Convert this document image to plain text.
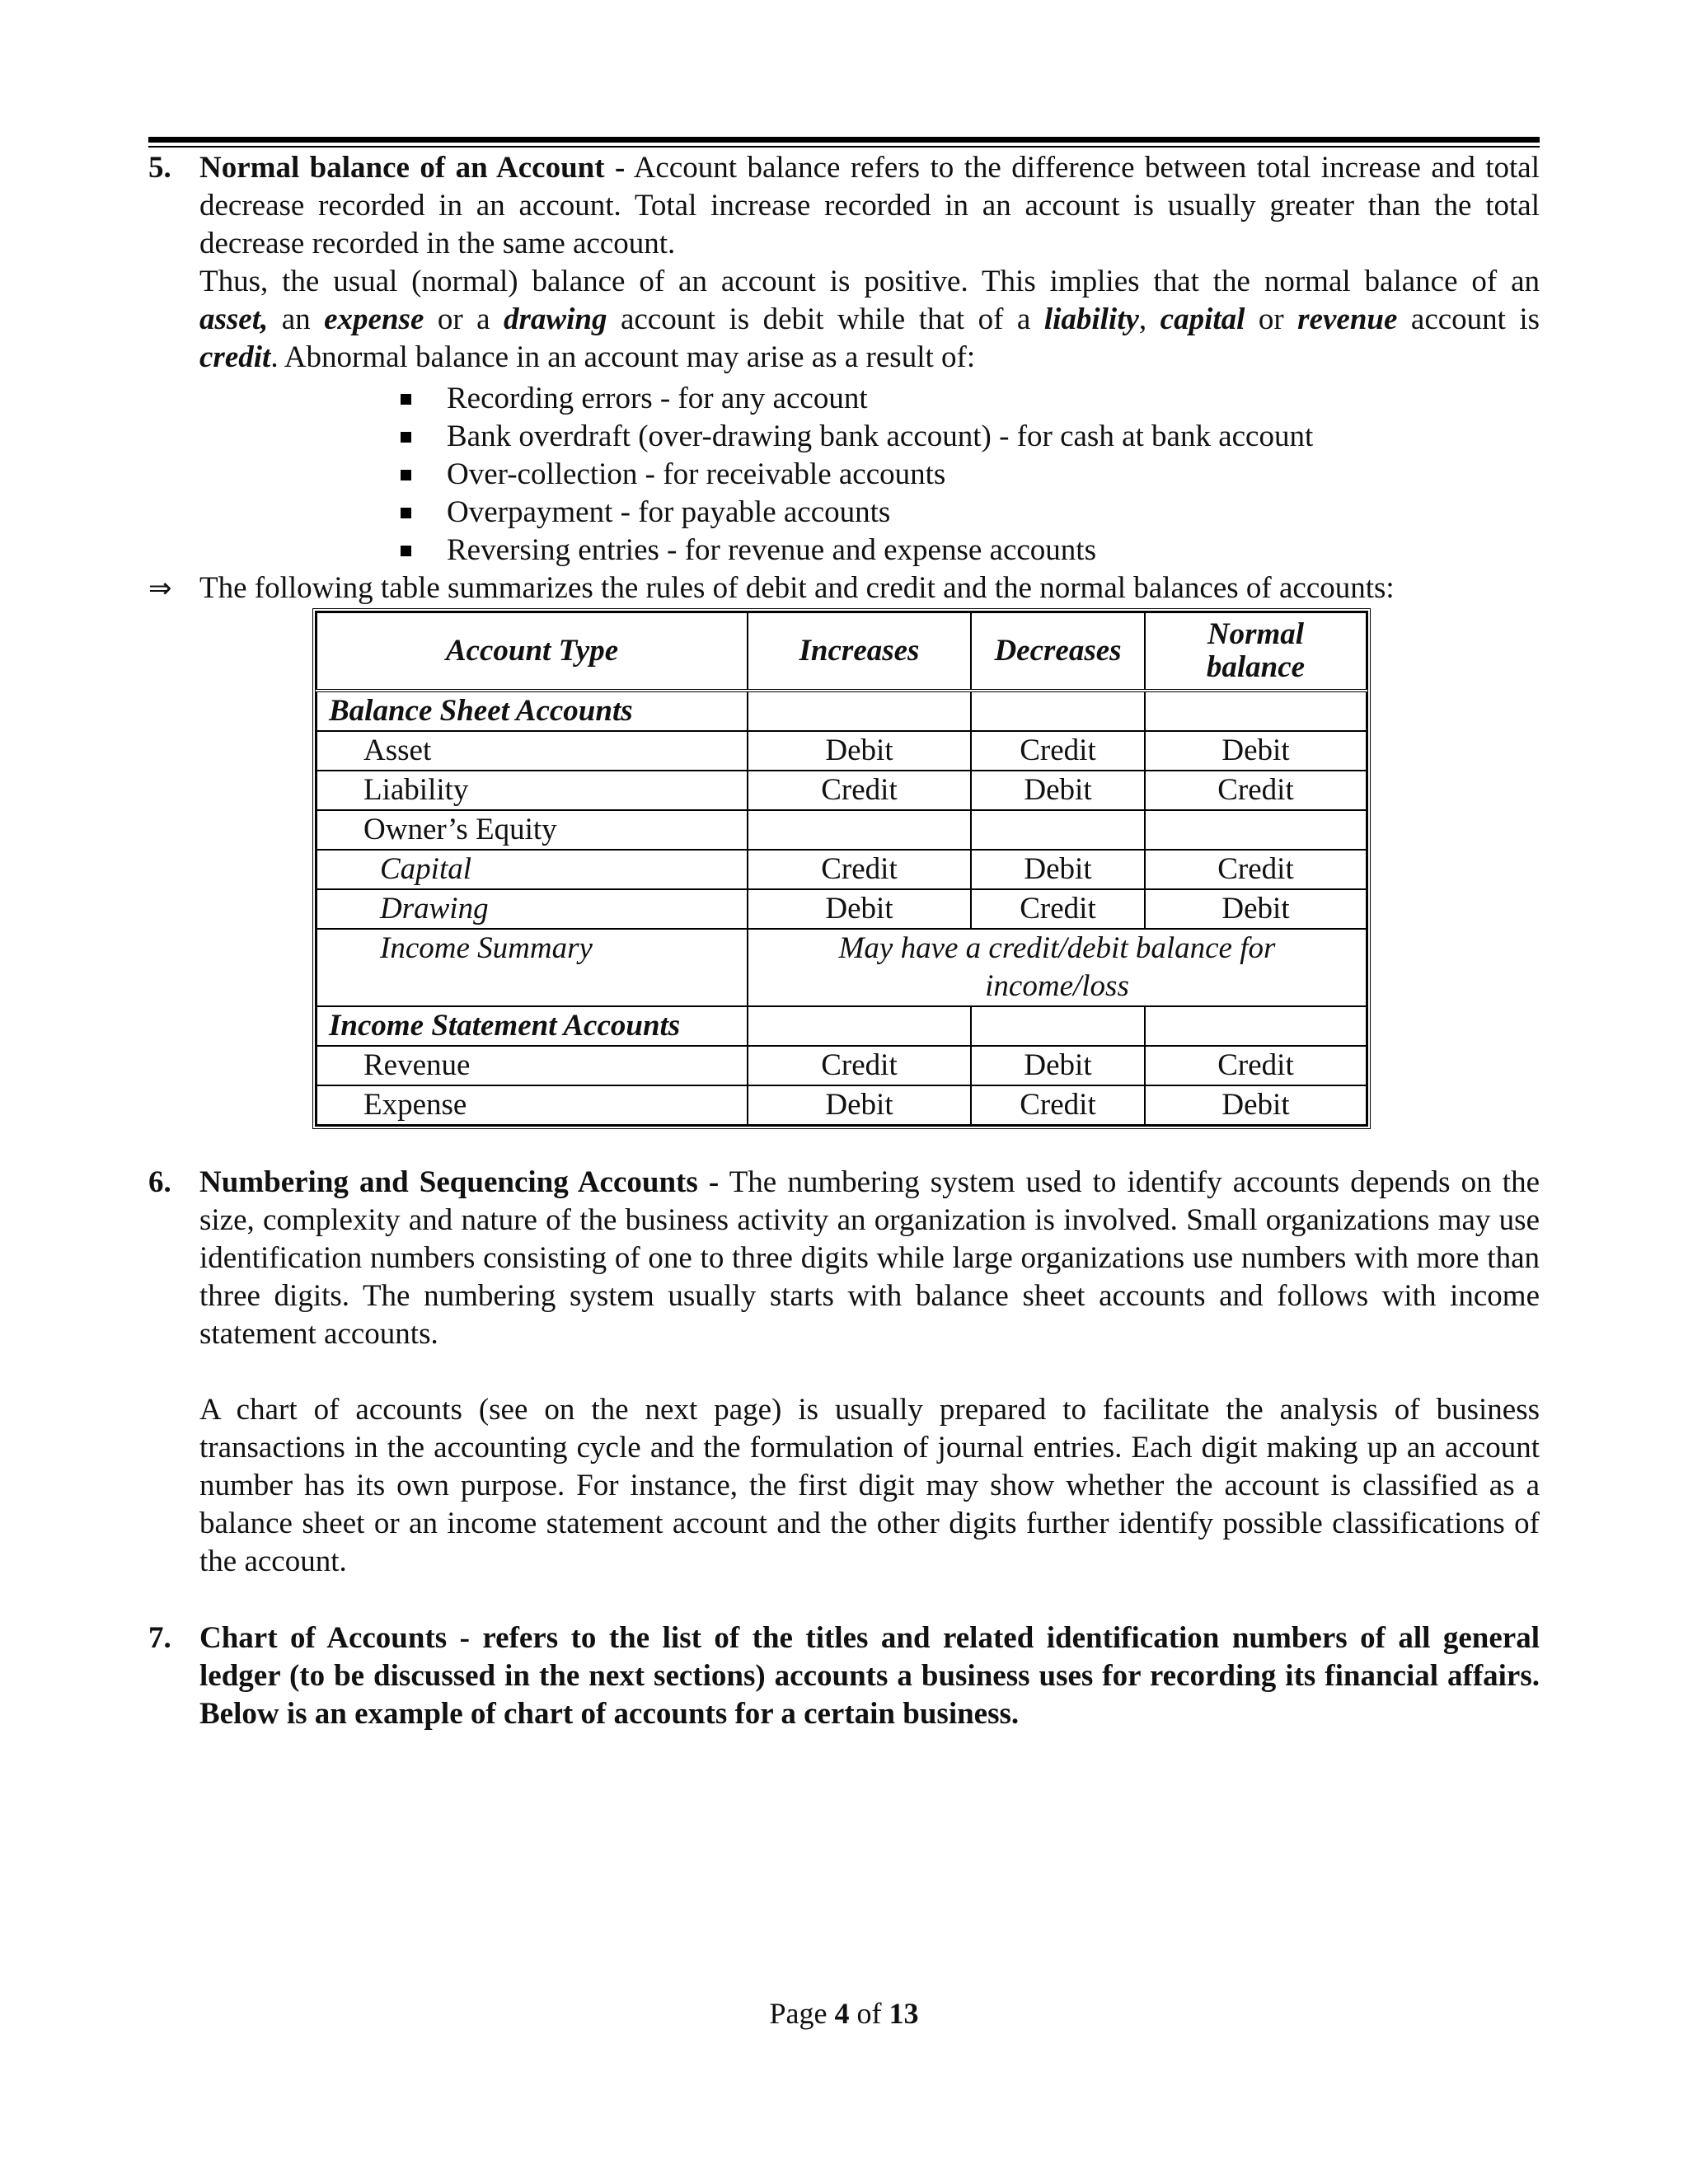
5. Normal balance of an Account - Account balance refers to the difference between total increase and total decrease recorded in an account. Total increase recorded in an account is usually greater than the total decrease recorded in the same account.
Thus, the usual (normal) balance of an account is positive. This implies that the normal balance of an
asset, an expense or a drawing account is debit while that of a liability, capital or revenue account is
credit. Abnormal balance in an account may arise as a result of:
Recording errors - for any account
Bank overdraft (over-drawing bank account) - for cash at bank account
Over-collection - for receivable accounts
Overpayment - for payable accounts
Reversing entries - for revenue and expense accounts
⇒ The following table summarizes the rules of debit and credit and the normal balances of accounts:
Account Type	Increases	Decreases	Normal
balance
Balance Sheet Accounts			
Asset	Debit	Credit	Debit
Liability	Credit	Debit	Credit
Owner’s Equity			
Capital	Credit	Debit	Credit
Drawing	Debit	Credit	Debit
Income Summary	May have a credit/debit balance for
income/loss		
Income Statement Accounts			
Revenue	Credit	Debit	Credit
Expense	Debit	Credit	Debit
6. Numbering and Sequencing Accounts - The numbering system used to identify accounts depends on the size, complexity and nature of the business activity an organization is involved. Small organizations may use identification numbers consisting of one to three digits while large organizations use numbers with more than three digits. The numbering system usually starts with balance sheet accounts and follows with income statement accounts.
A chart of accounts (see on the next page) is usually prepared to facilitate the analysis of business transactions in the accounting cycle and the formulation of journal entries. Each digit making up an account number has its own purpose. For instance, the first digit may show whether the account is classified as a balance sheet or an income statement account and the other digits further identify possible classifications of the account.
7. Chart of Accounts - refers to the list of the titles and related identification numbers of all general ledger (to be discussed in the next sections) accounts a business uses for recording its financial affairs. Below is an example of chart of accounts for a certain business.
Page 4 of 13
